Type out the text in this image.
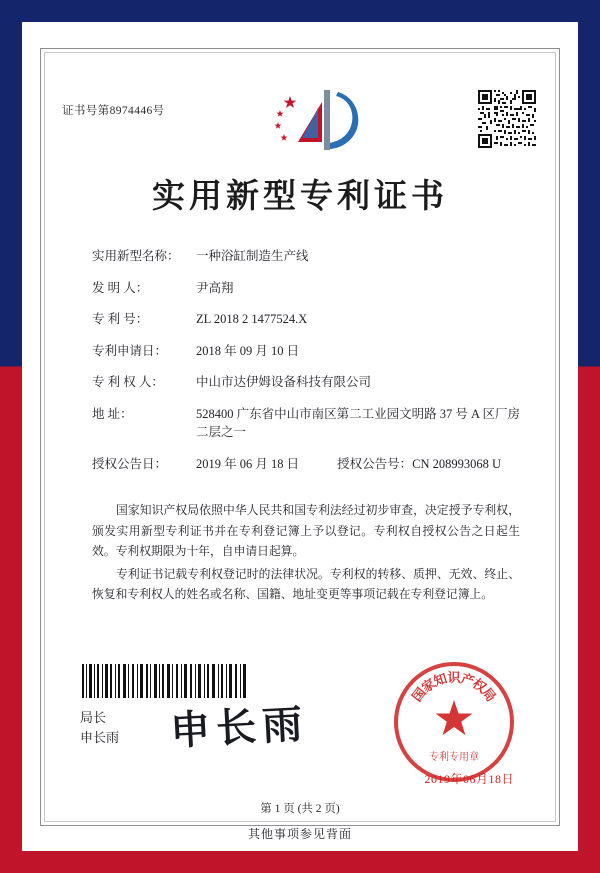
证书号第8974446号
实用新型专利证书
实用新型名称： 一种浴缸制造生产线
发 明 人：	尹高翔
专 利 号：	ZL 2018 2 1477524.X
专利申请日： 2018 年 09 月 10 日
专 利 权 人：	中山市达伊姆设备科技有限公司
地 址：	528400 广东省中山市南区第二工业园文明路 37 号 A 区厂房
二层之一
授权公告日： 2019 年 06 月 18 日	授权公告号：CN 208993068 U

国家知识产权局依照中华人民共和国专利法经过初步审查，决定授予专利权，颁发实用新型专利证书并在专利登记簿上予以登记。专利权自授权公告之日起生效。专利权期限为十年，自申请日起算。

专利证书记载专利权登记时的法律状况。专利权的转移、质押、无效、终止、恢复和专利权人的姓名或名称、国籍、地址变更等事项记载在专利登记簿上。

局长
申长雨 申长雨
国
家
知
识
产
权
局
专利专用章
2019年06月18日
第 1 页 (共 2 页)
其他事项参见背面
